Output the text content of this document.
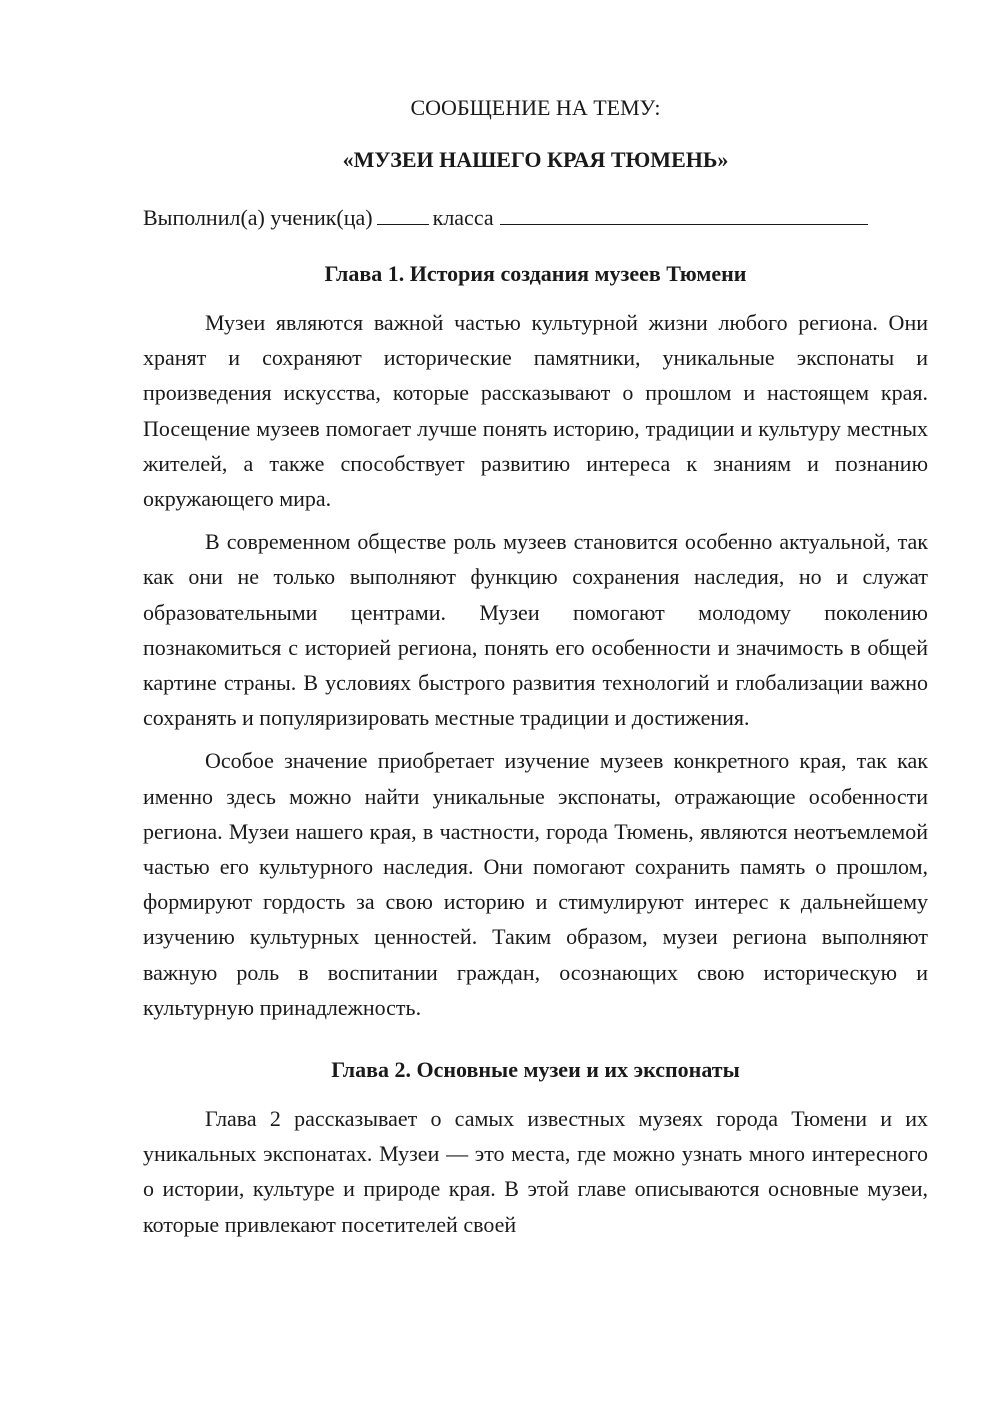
СООБЩЕНИЕ НА ТЕМУ:

«МУЗЕИ НАШЕГО КРАЯ ТЮМЕНЬ»

Выполнил(а) ученик(ца)	класса
Глава 1. История создания музеев Тюмени

Музеи являются важной частью культурной жизни любого региона. Они хранят и сохраняют исторические памятники, уникальные экспонаты и произведения искусства, которые рассказывают о прошлом и настоящем края. Посещение музеев помогает лучше понять историю, традиции и культуру местных жителей, а также способствует развитию интереса к знаниям и познанию окружающего мира.

В современном обществе роль музеев становится особенно актуальной, так как они не только выполняют функцию сохранения наследия, но и служат образовательными центрами. Музеи помогают молодому поколению познакомиться с историей региона, понять его особенности и значимость в общей картине страны. В условиях быстрого развития технологий и глобализации важно сохранять и популяризировать местные традиции и достижения.

Особое значение приобретает изучение музеев конкретного края, так как именно здесь можно найти уникальные экспонаты, отражающие особенности региона. Музеи нашего края, в частности, города Тюмень, являются неотъемлемой частью его культурного наследия. Они помогают сохранить память о прошлом, формируют гордость за свою историю и стимулируют интерес к дальнейшему изучению культурных ценностей. Таким образом, музеи региона выполняют важную роль в воспитании граждан, осознающих свою историческую и культурную принадлежность.

Глава 2. Основные музеи и их экспонаты

Глава 2 рассказывает о самых известных музеях города Тюмени и их уникальных экспонатах. Музеи — это места, где можно узнать много интересного о истории, культуре и природе края. В этой главе описываются основные музеи, которые привлекают посетителей своей
